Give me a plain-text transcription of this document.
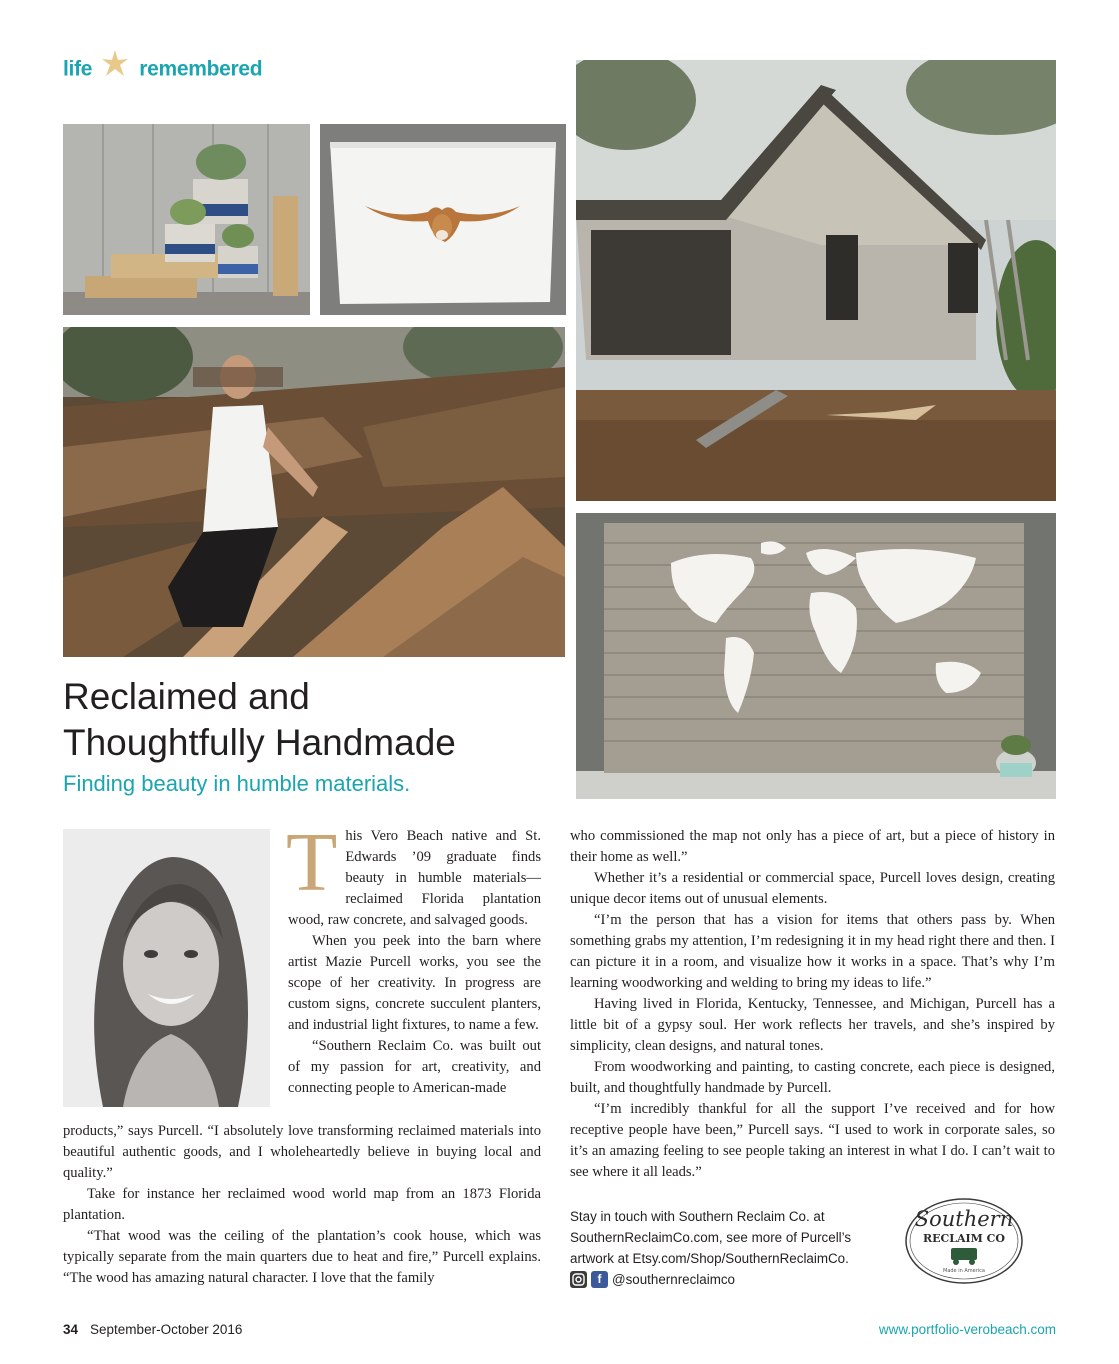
life remembered
Reclaimed and
Thoughtfully Handmade
Finding beauty in humble materials.

This Vero Beach native and St. Edwards ’09 graduate finds beauty in humble materials—reclaimed Florida plantation wood, raw concrete, and salvaged goods.

When you peek into the barn where artist Mazie Purcell works, you see the scope of her creativity. In progress are custom signs, concrete succulent planters, and industrial light fixtures, to name a few.

“Southern Reclaim Co. was built out of my passion for art, creativity, and connecting people to American-made

products,” says Purcell. “I absolutely love transforming reclaimed materials into beautiful authentic goods, and I wholeheartedly believe in buying local and quality.”

Take for instance her reclaimed wood world map from an 1873 Florida plantation.

“That wood was the ceiling of the plantation’s cook house, which was typically separate from the main quarters due to heat and fire,” Purcell explains. “The wood has amazing natural character. I love that the family

who commissioned the map not only has a piece of art, but a piece of history in their home as well.”

Whether it’s a residential or commercial space, Purcell loves design, creating unique decor items out of unusual elements.

“I’m the person that has a vision for items that others pass by. When something grabs my attention, I’m redesigning it in my head right there and then. I can picture it in a room, and visualize how it works in a space. That’s why I’m learning woodworking and welding to bring my ideas to life.”

Having lived in Florida, Kentucky, Tennessee, and Michigan, Purcell has a little bit of a gypsy soul. Her work reflects her travels, and she’s inspired by simplicity, clean designs, and natural tones.

From woodworking and painting, to casting concrete, each piece is designed, built, and thoughtfully handmade by Purcell.

“I’m incredibly thankful for all the support I’ve received and for how receptive people have been,” Purcell says. “I used to work in corporate sales, so it’s an amazing feeling to see people taking an interest in what I do. I can’t wait to see where it all leads.”

Stay in touch with Southern Reclaim Co. at
SouthernReclaimCo.com, see more of Purcell’s
artwork at Etsy.com/Shop/SouthernReclaimCo.
f @southernreclaimco
Southern
RECLAIM CO
Made in America
34 September-October 2016	www.portfolio-verobeach.com
